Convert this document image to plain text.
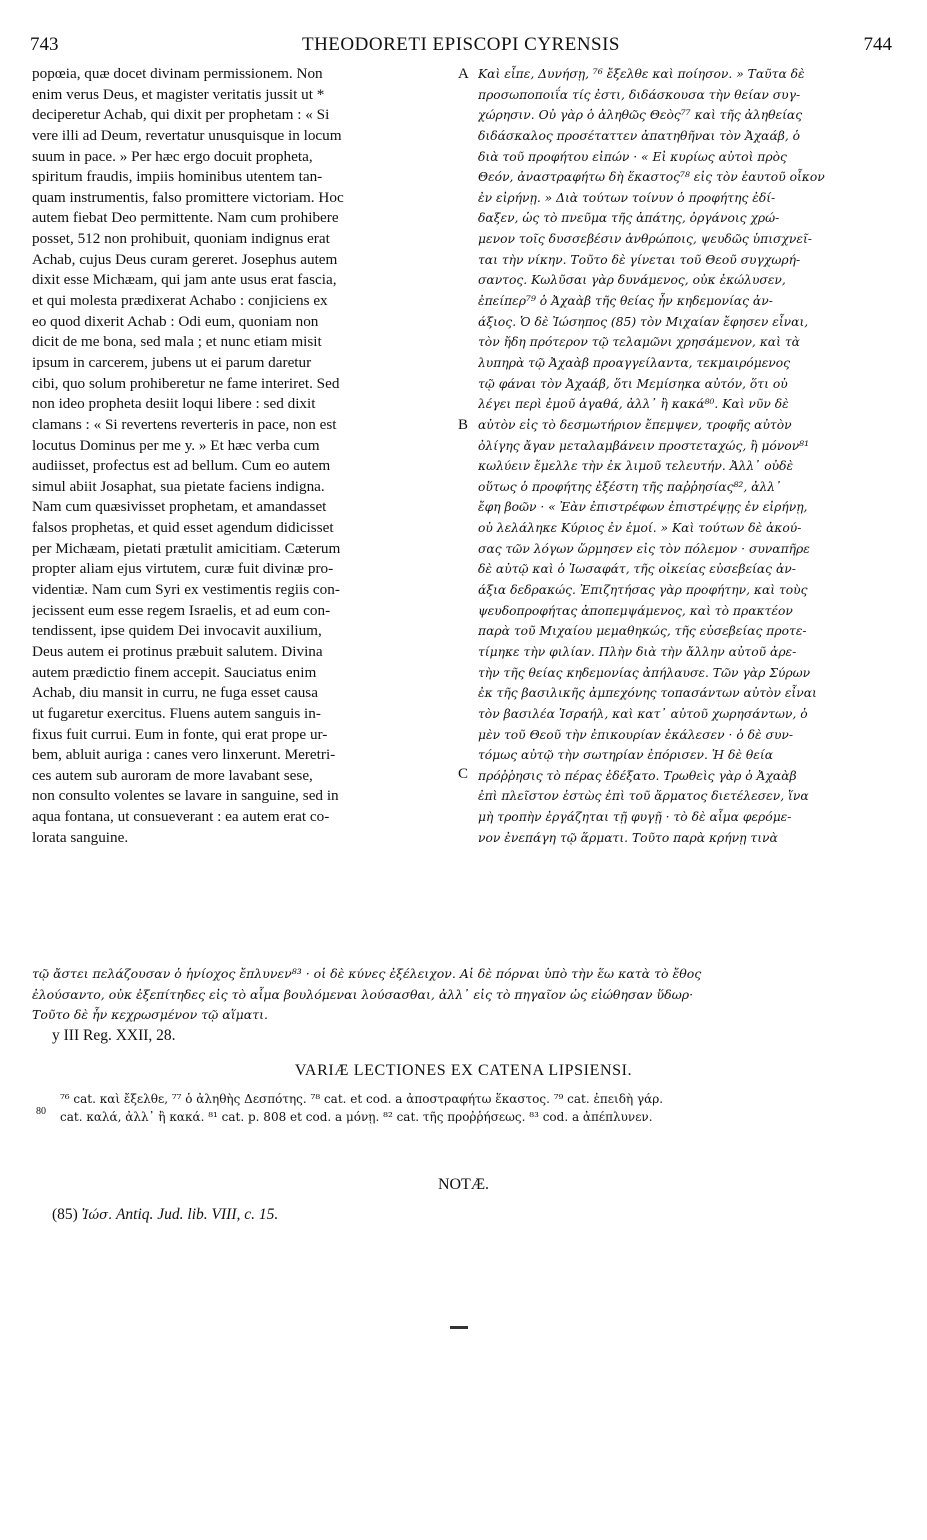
743	THEODORETI EPISCOPI CYRENSIS	744
popœia, quæ docet divinam permissionem. Non
enim verus Deus, et magister veritatis jussit ut *
deciperetur Achab, qui dixit per prophetam : « Si
vere illi ad Deum, revertatur unusquisque in locum
suum in pace. » Per hæc ergo docuit propheta,
spiritum fraudis, impiis hominibus utentem tan-
quam instrumentis, falso promittere victoriam. Hoc
autem fiebat Deo permittente. Nam cum prohibere
posset, 512 non prohibuit, quoniam indignus erat
Achab, cujus Deus curam gereret. Josephus autem
dixit esse Michæam, qui jam ante usus erat fascia,
et qui molesta prædixerat Achabo : conjiciens ex
eo quod dixerit Achab : Odi eum, quoniam non
dicit de me bona, sed mala ; et nunc etiam misit
ipsum in carcerem, jubens ut ei parum daretur
cibi, quo solum prohiberetur ne fame interiret. Sed
non ideo propheta desiit loqui libere : sed dixit
clamans : « Si revertens reverteris in pace, non est
locutus Dominus per me y. » Et hæc verba cum
audiisset, profectus est ad bellum. Cum eo autem
simul abiit Josaphat, sua pietate faciens indigna.
Nam cum quæsivisset prophetam, et amandasset
falsos prophetas, et quid esset agendum didicisset
per Michæam, pietati prætulit amicitiam. Cæterum
propter aliam ejus virtutem, curæ fuit divinæ pro-
videntiæ. Nam cum Syri ex vestimentis regiis con-
jecissent eum esse regem Israelis, et ad eum con-
tendissent, ipse quidem Dei invocavit auxilium,
Deus autem ei protinus præbuit salutem. Divina
autem prædictio finem accepit. Sauciatus enim
Achab, diu mansit in curru, ne fuga esset causa
ut fugaretur exercitus. Fluens autem sanguis in-
fixus fuit currui. Eum in fonte, qui erat prope ur-
bem, abluit auriga : canes vero linxerunt. Meretri-
ces autem sub auroram de more lavabant sese,
non consulto volentes se lavare in sanguine, sed in
aqua fontana, ut consueverant : ea autem erat co-
lorata sanguine.
Καὶ εἶπε, Δυνήσῃ, ⁷⁶ ἔξελθε καὶ ποίησον. » Ταῦτα δὲ
προσωποποιΐα τίς ἐστι, διδάσκουσα τὴν θείαν συγ-
χώρησιν. Οὐ γὰρ ὁ ἀληθῶς Θεὸς⁷⁷ καὶ τῆς ἀληθείας
διδάσκαλος προσέταττεν ἀπατηθῆναι τὸν Ἀχαάβ, ὁ
διὰ τοῦ προφήτου εἰπών · « Εἰ κυρίως αὐτοὶ πρὸς
Θεόν, ἀναστραφήτω δὴ ἕκαστος⁷⁸ εἰς τὸν ἑαυτοῦ οἶκον
ἐν εἰρήνῃ. » Διὰ τούτων τοίνυν ὁ προφήτης ἐδί-
δαξεν, ὡς τὸ πνεῦμα τῆς ἀπάτης, ὀργάνοις χρώ-
μενον τοῖς δυσσεβέσιν ἀνθρώποις, ψευδῶς ὑπισχνεῖ-
ται τὴν νίκην. Τοῦτο δὲ γίνεται τοῦ Θεοῦ συγχωρή-
σαντος. Κωλῦσαι γὰρ δυνάμενος, οὐκ ἐκώλυσεν,
ἐπείπερ⁷⁹ ὁ Ἀχαὰβ τῆς θείας ἦν κηδεμονίας ἀν-
άξιος. Ὁ δὲ Ἰώσηπος (85) τὸν Μιχαίαν ἔφησεν εἶναι,
τὸν ἤδη πρότερον τῷ τελαμῶνι χρησάμενον, καὶ τὰ
λυπηρὰ τῷ Ἀχαὰβ προαγγείλαντα, τεκμαιρόμενος
τῷ φάναι τὸν Ἀχαάβ, ὅτι Μεμίσηκα αὐτόν, ὅτι οὐ
λέγει περὶ ἐμοῦ ἀγαθά, ἀλλ᾽ ἢ κακά⁸⁰. Καὶ νῦν δὲ
αὐτὸν εἰς τὸ δεσμωτήριον ἔπεμψεν, τροφῆς αὐτὸν
ὀλίγης ἄγαν μεταλαμβάνειν προστεταχώς, ἢ μόνον⁸¹
κωλύειν ἔμελλε τὴν ἐκ λιμοῦ τελευτήν. Ἀλλ᾽ οὐδὲ
οὕτως ὁ προφήτης ἐξέστη τῆς παῤῥησίας⁸², ἀλλ᾽
ἔφη βοῶν · « Ἐὰν ἐπιστρέφων ἐπιστρέψῃς ἐν εἰρήνῃ,
οὐ λελάληκε Κύριος ἐν ἐμοί. » Καὶ τούτων δὲ ἀκού-
σας τῶν λόγων ὥρμησεν εἰς τὸν πόλεμον · συναπῆρε
δὲ αὐτῷ καὶ ὁ Ἰωσαφάτ, τῆς οἰκείας εὐσεβείας ἀν-
άξια δεδρακώς. Ἐπιζητήσας γὰρ προφήτην, καὶ τοὺς
ψευδοπροφήτας ἀποπεμψάμενος, καὶ τὸ πρακτέον
παρὰ τοῦ Μιχαίου μεμαθηκώς, τῆς εὐσεβείας προτε-
τίμηκε τὴν φιλίαν. Πλὴν διὰ τὴν ἄλλην αὐτοῦ ἀρε-
τὴν τῆς θείας κηδεμονίας ἀπήλαυσε. Τῶν γὰρ Σύρων
ἐκ τῆς βασιλικῆς ἀμπεχόνης τοπασάντων αὐτὸν εἶναι
τὸν βασιλέα Ἰσραήλ, καὶ κατ᾽ αὐτοῦ χωρησάντων, ὁ
μὲν τοῦ Θεοῦ τὴν ἐπικουρίαν ἐκάλεσεν · ὁ δὲ συν-
τόμως αὐτῷ τὴν σωτηρίαν ἐπόρισεν. Ἡ δὲ θεία
πρόῤῥησις τὸ πέρας ἐδέξατο. Τρωθεὶς γὰρ ὁ Ἀχαὰβ
ἐπὶ πλεῖστον ἑστὼς ἐπὶ τοῦ ἅρματος διετέλεσεν, ἵνα
μὴ τροπὴν ἐργάζηται τῇ φυγῇ · τὸ δὲ αἷμα φερόμε-
νον ἐνεπάγη τῷ ἅρματι. Τοῦτο παρὰ κρήνῃ τινὰ
A
B
C
τῷ ἄστει πελάζουσαν ὁ ἡνίοχος ἔπλυνεν⁸³ · οἱ δὲ κύνες ἐξέλειχον. Αἱ δὲ πόρναι ὑπὸ τὴν ἕω κατὰ τὸ ἔθος
ἐλούσαντο, οὐκ ἐξεπίτηδες εἰς τὸ αἷμα βουλόμεναι λούσασθαι, ἀλλ᾽ εἰς τὸ πηγαῖον ὡς εἰώθησαν ὕδωρ·
Τοῦτο δὲ ἦν κεχρωσμένον τῷ αἵματι.
y III Reg. XXII, 28.
VARIÆ LECTIONES EX CATENA LIPSIENSI.
80
⁷⁶ cat. καὶ ἔξελθε, ⁷⁷ ὁ ἀληθὴς Δεσπότης. ⁷⁸ cat. et cod. a ἀποστραφήτω ἕκαστος. ⁷⁹ cat. ἐπειδὴ γάρ.
cat. καλά, ἀλλ᾽ ἢ κακά. ⁸¹ cat. p. 808 et cod. a μόνῃ. ⁸² cat. τῆς προῤῥήσεως. ⁸³ cod. a ἀπέπλυνεν.
NOTÆ.
(85) Ἰώσ. Antiq. Jud. lib. VIII, c. 15.
